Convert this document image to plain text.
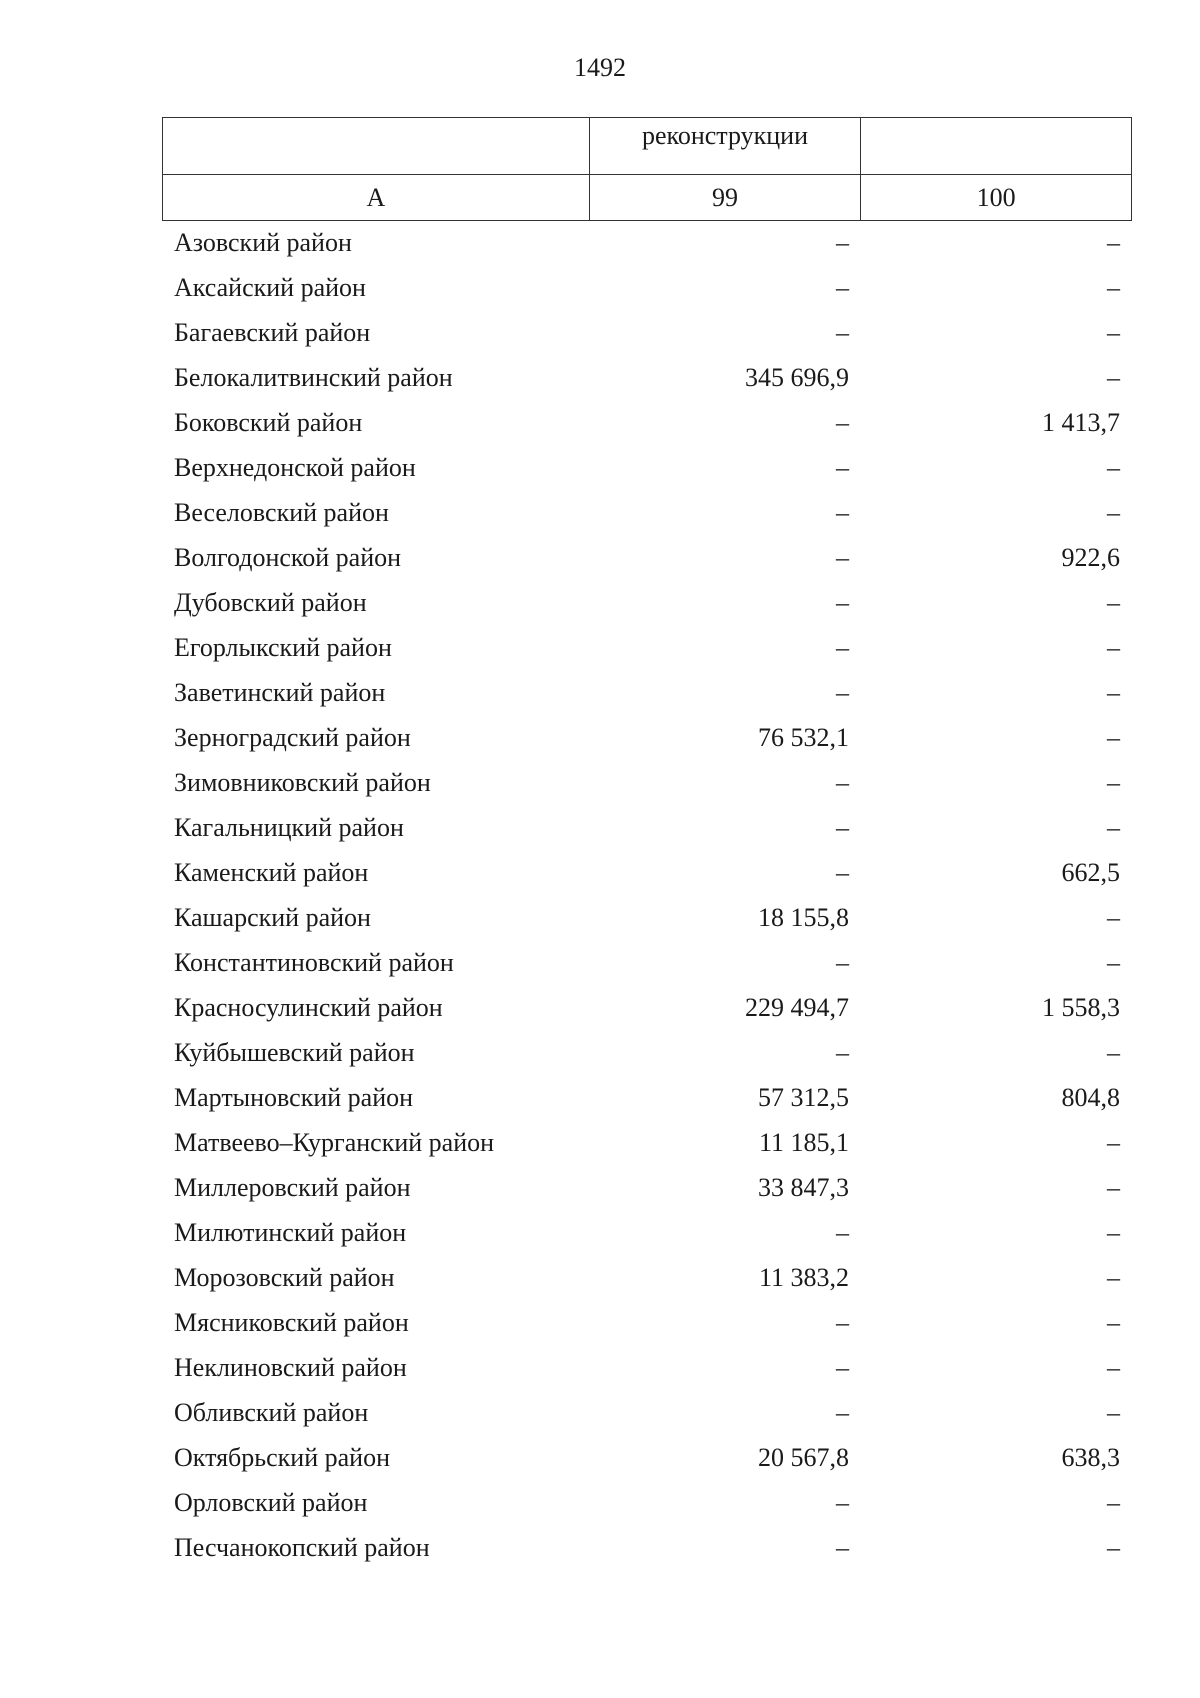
1492
	реконструкции	
А	99	100
Азовский район	–	–
Аксайский район	–	–
Багаевский район	–	–
Белокалитвинский район	345 696,9	–
Боковский район	–	1 413,7
Верхнедонской район	–	–
Веселовский район	–	–
Волгодонской район	–	922,6
Дубовский район	–	–
Егорлыкский район	–	–
Заветинский район	–	–
Зерноградский район	76 532,1	–
Зимовниковский район	–	–
Кагальницкий район	–	–
Каменский район	–	662,5
Кашарский район	18 155,8	–
Константиновский район	–	–
Красносулинский район	229 494,7	1 558,3
Куйбышевский район	–	–
Мартыновский район	57 312,5	804,8
Матвеево–Курганский район	11 185,1	–
Миллеровский район	33 847,3	–
Милютинский район	–	–
Морозовский район	11 383,2	–
Мясниковский район	–	–
Неклиновский район	–	–
Обливский район	–	–
Октябрьский район	20 567,8	638,3
Орловский район	–	–
Песчанокопский район	–	–
